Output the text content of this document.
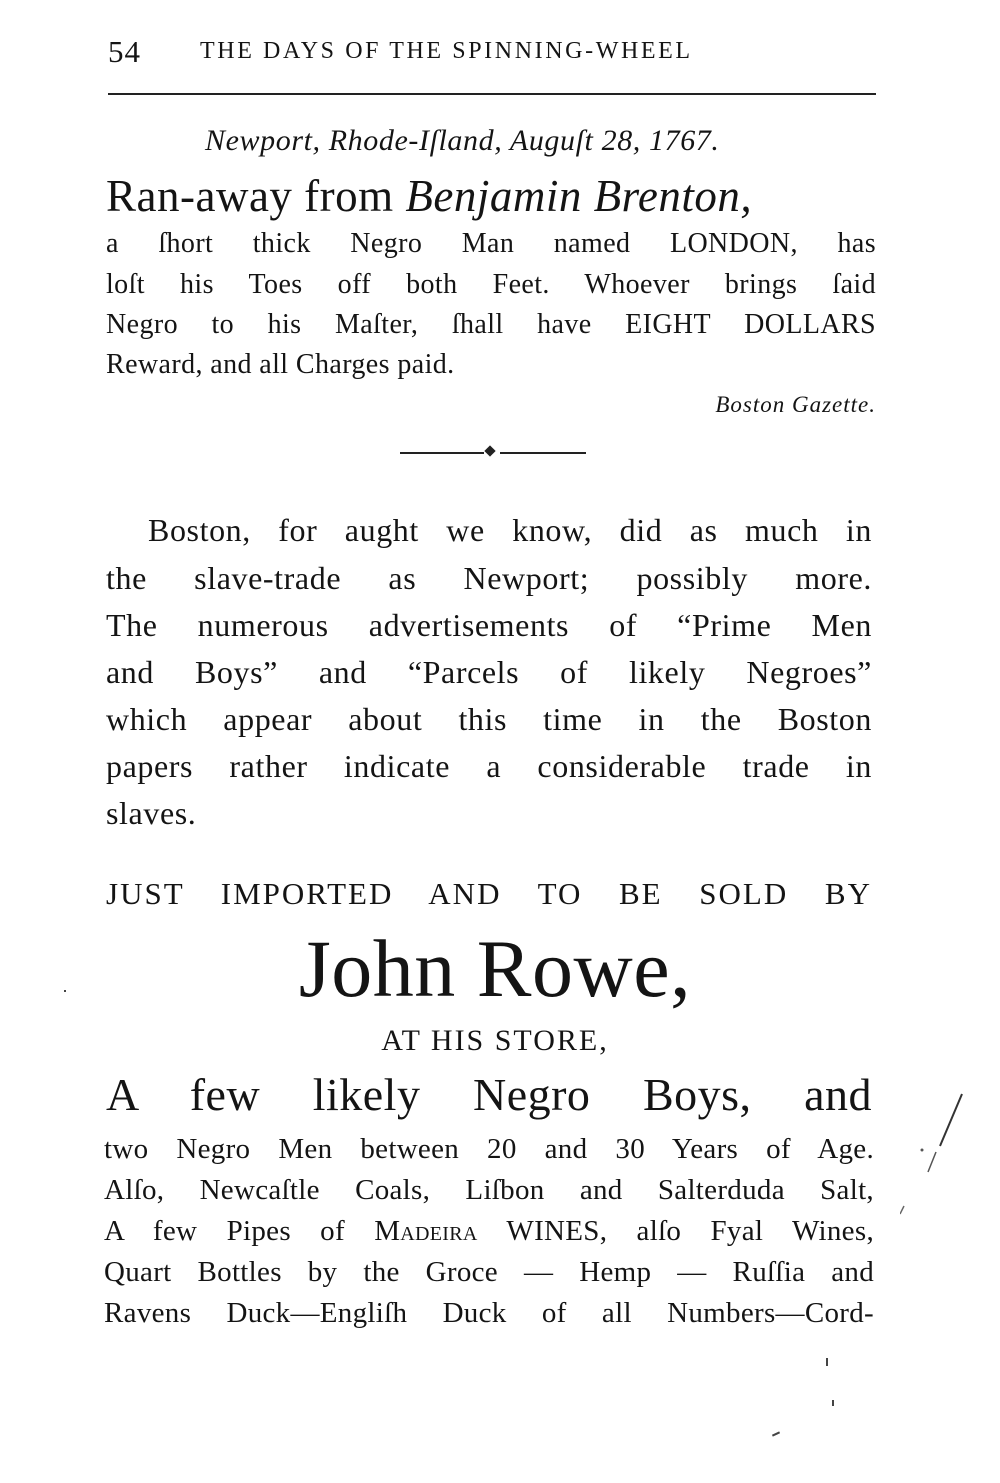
54 THE DAYS OF THE SPINNING-WHEEL
Newport, Rhode-Iſland, Auguſt 28, 1767.
Ran-away from Benjamin Brenton,
a ſhort thick Negro Man named LONDON, has
loſt his Toes off both Feet. Whoever brings ſaid
Negro to his Maſter, ſhall have EIGHT DOLLARS
Reward, and all Charges paid.
Boston Gazette.
Boston, for aught we know, did as much in
the slave-trade as Newport; possibly more.
The numerous advertisements of “Prime Men
and Boys” and “Parcels of likely Negroes”
which appear about this time in the Boston
papers rather indicate a considerable trade in
slaves.
JUST IMPORTED AND TO BE SOLD BY
John Rowe,
AT HIS STORE,
A few likely Negro Boys, and
two Negro Men between 20 and 30 Years of Age.
Alſo, Newcaſtle Coals, Liſbon and Salterduda Salt,
A few Pipes of Madeira WINES, alſo Fyal Wines,
Quart Bottles by the Groce — Hemp — Ruſſia and
Ravens Duck—Engliſh Duck of all Numbers—Cord-
